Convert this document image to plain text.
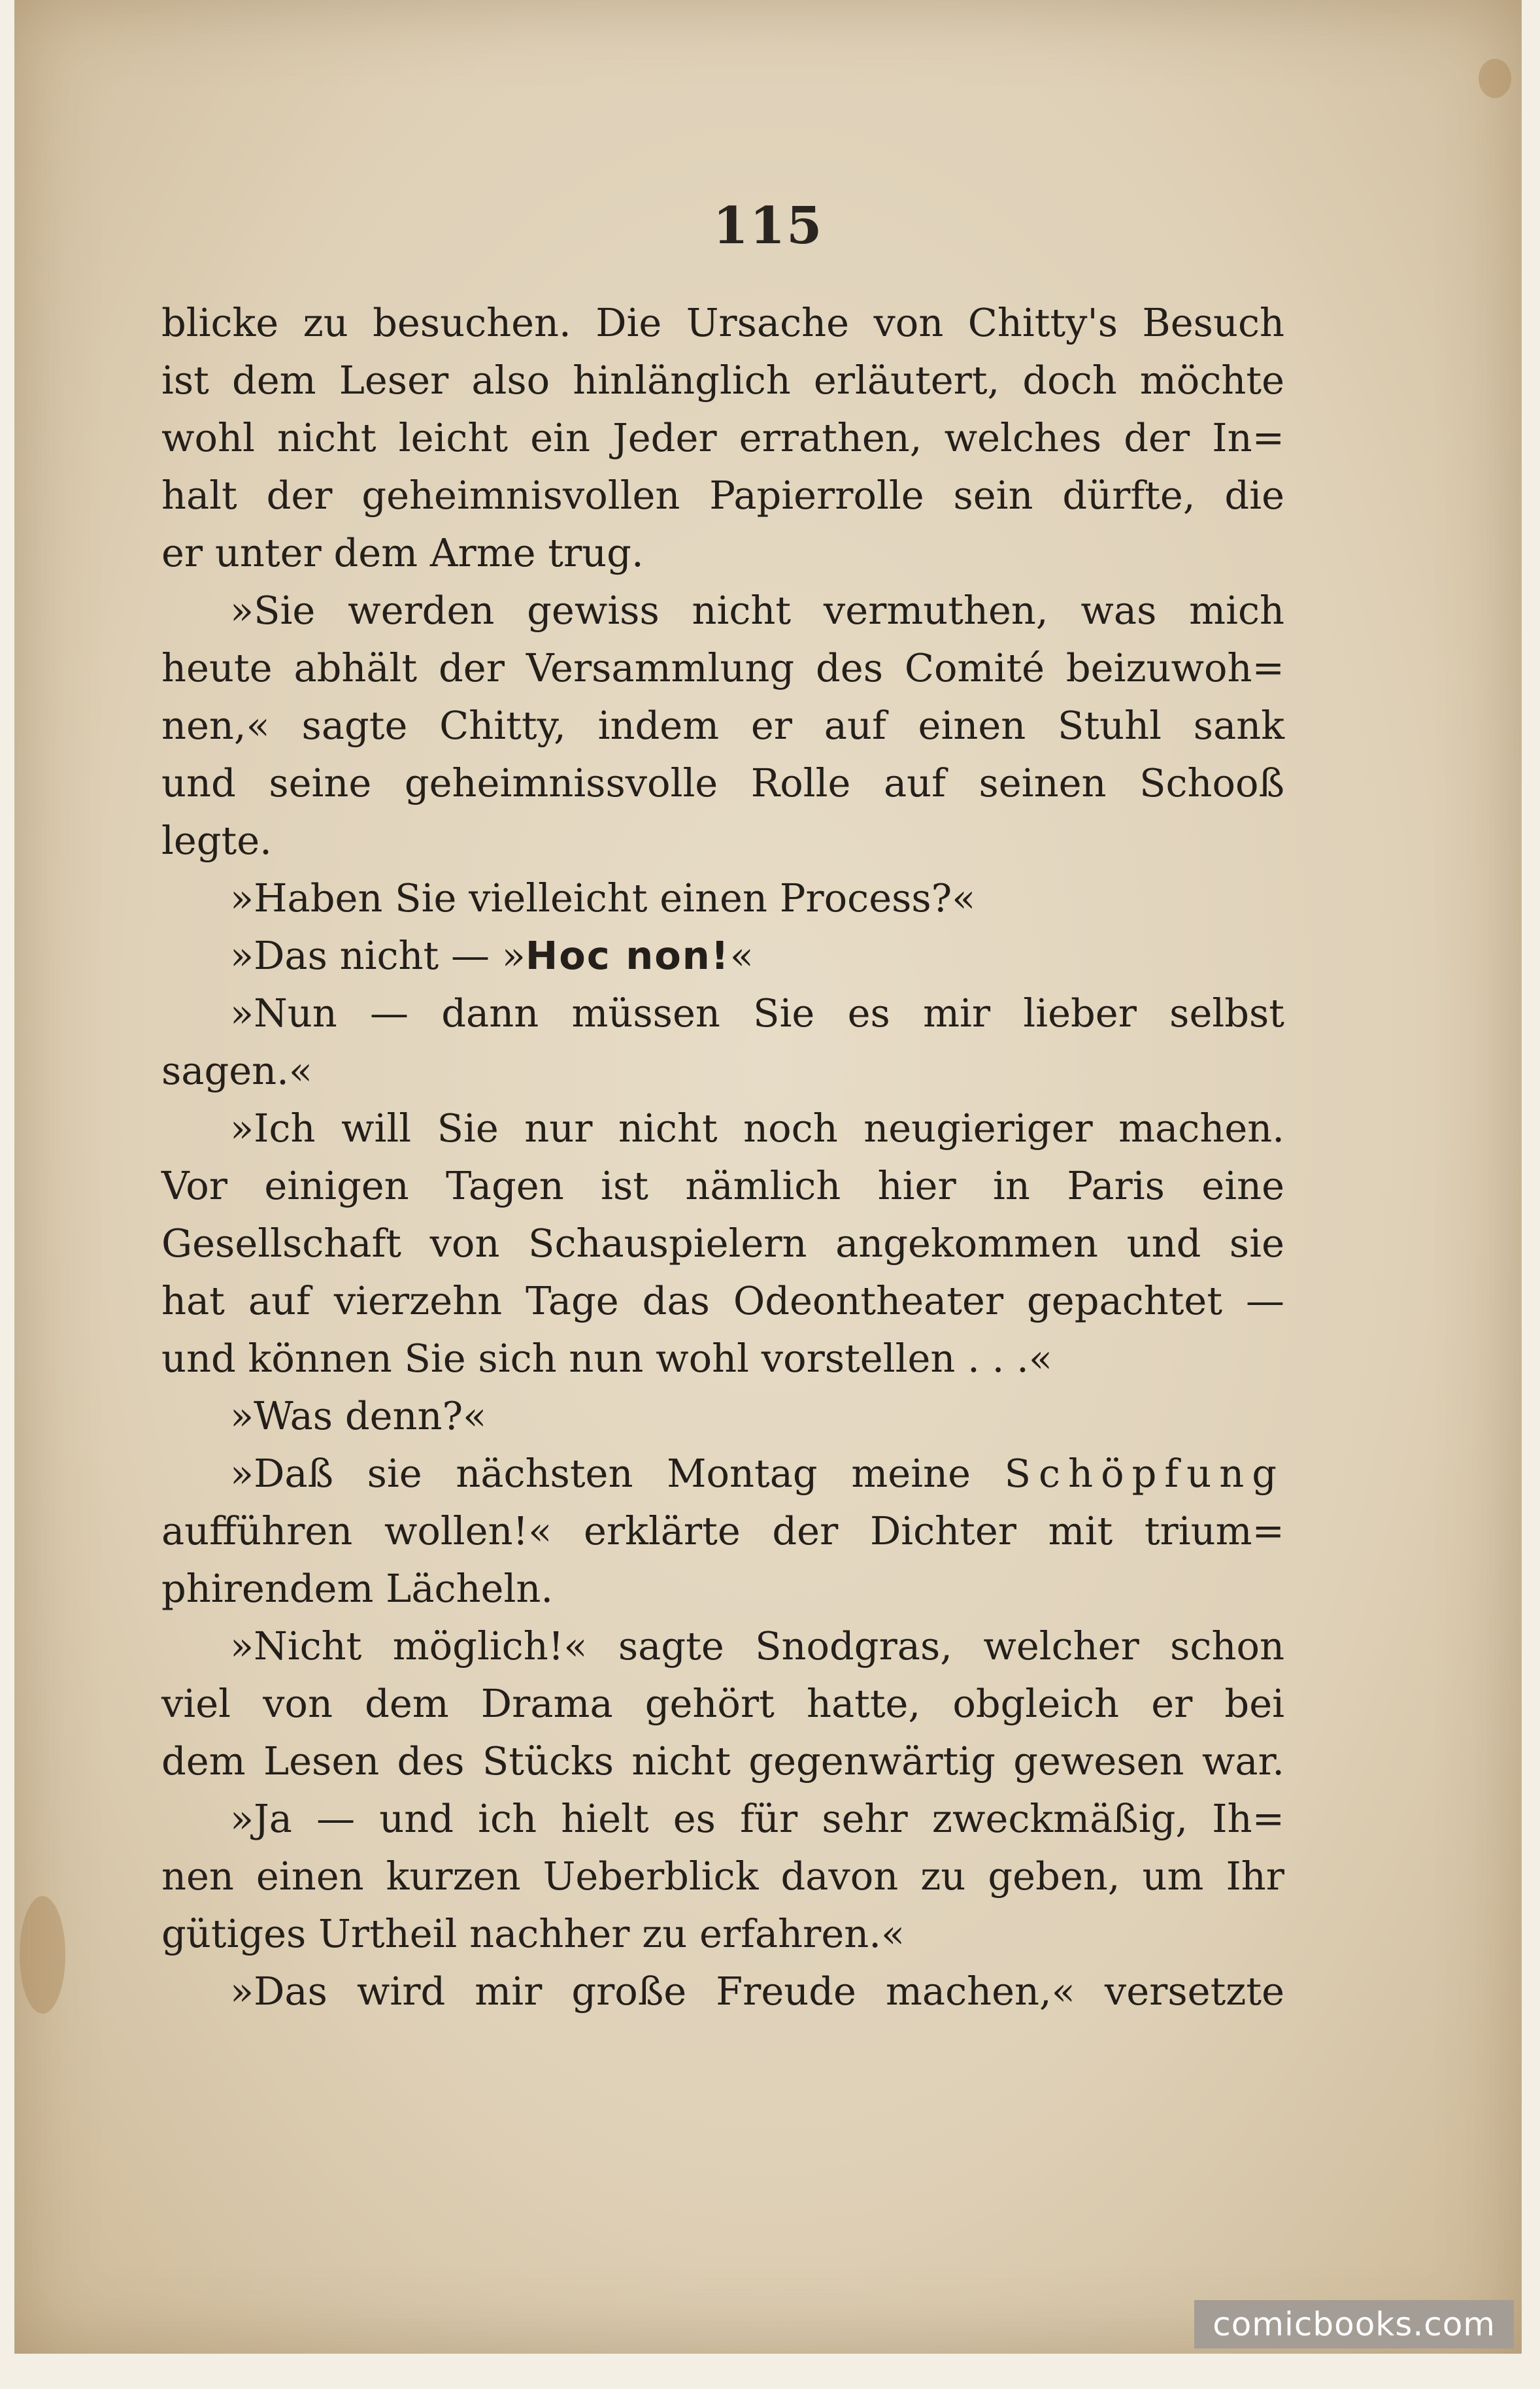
115

blicke zu besuchen. Die Ursache von Chitty's Besuch

ist dem Leser also hinlänglich erläutert, doch möchte

wohl nicht leicht ein Jeder errathen, welches der In=

halt der geheimnisvollen Papierrolle sein dürfte, die

er unter dem Arme trug.

»Sie werden gewiss nicht vermuthen, was mich

heute abhält der Versammlung des Comité beizuwoh=

nen,« sagte Chitty, indem er auf einen Stuhl sank

und seine geheimnissvolle Rolle auf seinen Schooß

legte.

»Haben Sie vielleicht einen Process?«

»Das nicht — »Hoc non!«

»Nun — dann müssen Sie es mir lieber selbst

sagen.«

»Ich will Sie nur nicht noch neugieriger machen.

Vor einigen Tagen ist nämlich hier in Paris eine

Gesellschaft von Schauspielern angekommen und sie

hat auf vierzehn Tage das Odeontheater gepachtet —

und können Sie sich nun wohl vorstellen . . .«

»Was denn?«

»Daß sie nächsten Montag meine Schöpfung

aufführen wollen!« erklärte der Dichter mit trium=

phirendem Lächeln.

»Nicht möglich!« sagte Snodgras, welcher schon

viel von dem Drama gehört hatte, obgleich er bei

dem Lesen des Stücks nicht gegenwärtig gewesen war.

»Ja — und ich hielt es für sehr zweckmäßig, Ih=

nen einen kurzen Ueberblick davon zu geben, um Ihr

gütiges Urtheil nachher zu erfahren.«

»Das wird mir große Freude machen,« versetzte

comicbooks.com
